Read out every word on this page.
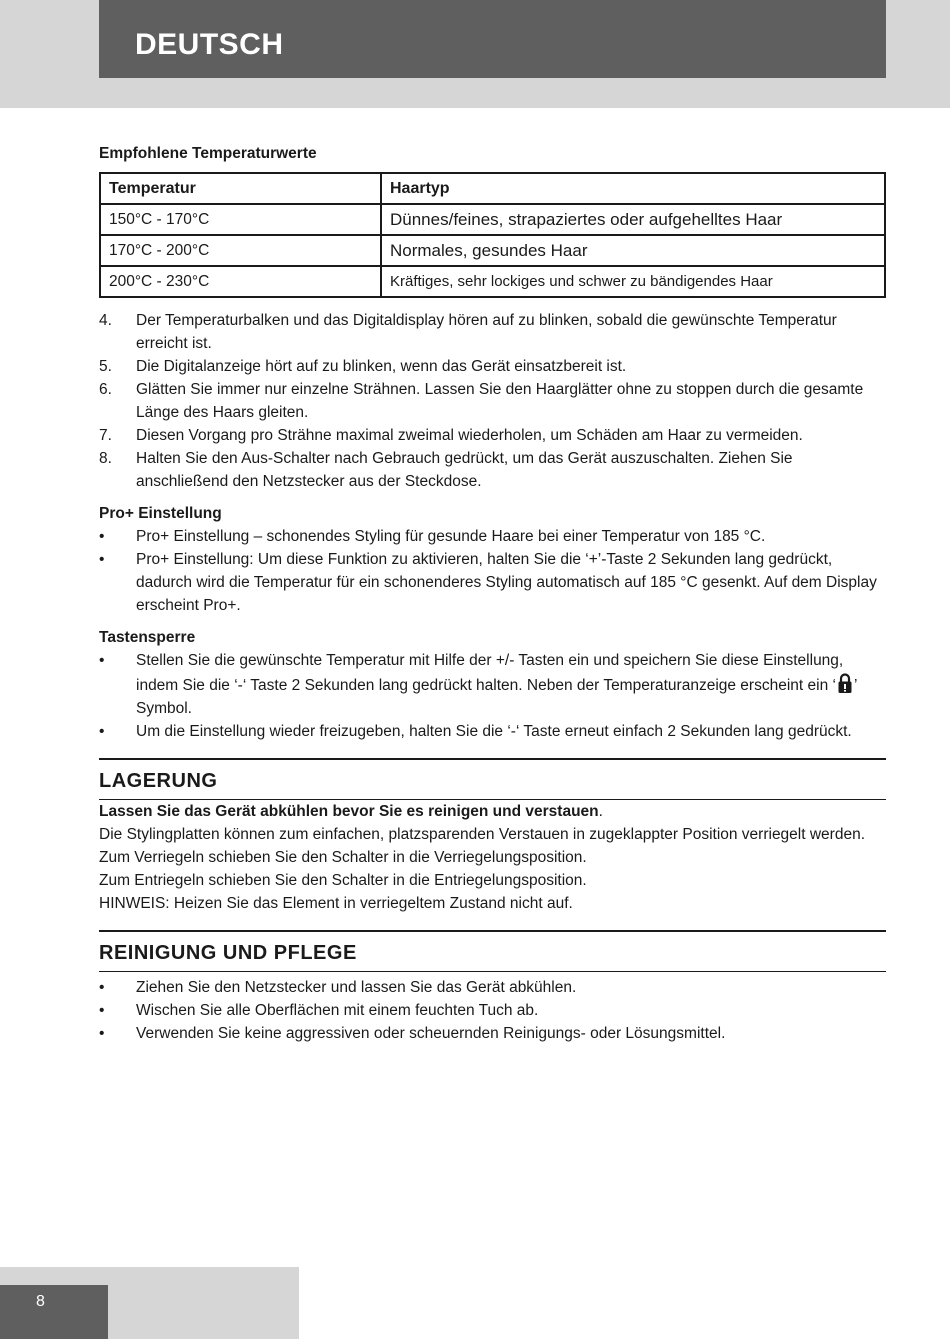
DEUTSCH

Empfohlene Temperaturwerte

Temperatur	Haartyp
150°C - 170°C	Dünnes/feines, strapaziertes oder aufgehelltes Haar
170°C - 200°C	Normales, gesundes Haar
200°C - 230°C	Kräftiges, sehr lockiges und schwer zu bändigendes Haar
4. Der Temperaturbalken und das Digitaldisplay hören auf zu blinken, sobald die gewünschte Temperatur erreicht ist.
5. Die Digitalanzeige hört auf zu blinken, wenn das Gerät einsatzbereit ist.
6. Glätten Sie immer nur einzelne Strähnen. Lassen Sie den Haarglätter ohne zu stoppen durch die gesamte Länge des Haars gleiten.
7. Diesen Vorgang pro Strähne maximal zweimal wiederholen, um Schäden am Haar zu vermeiden.
8. Halten Sie den Aus-Schalter nach Gebrauch gedrückt, um das Gerät auszuschalten. Ziehen Sie anschließend den Netzstecker aus der Steckdose.

Pro+ Einstellung

• Pro+ Einstellung – schonendes Styling für gesunde Haare bei einer Temperatur von 185 °C.
• Pro+ Einstellung: Um diese Funktion zu aktivieren, halten Sie die ‘+’-Taste 2 Sekunden lang gedrückt, dadurch wird die Temperatur für ein schonenderes Styling automatisch auf 185 °C gesenkt. Auf dem Display erscheint Pro+.

Tastensperre

• Stellen Sie die gewünschte Temperatur mit Hilfe der +/- Tasten ein und speichern Sie diese Einstellung, indem Sie die ‘-‘ Taste 2 Sekunden lang gedrückt halten. Neben der Temperaturanzeige erscheint ein ‘ ’ Symbol.
• Um die Einstellung wieder freizugeben, halten Sie die ‘-‘ Taste erneut einfach 2 Sekunden lang gedrückt.
LAGERUNG

Lassen Sie das Gerät abkühlen bevor Sie es reinigen und verstauen.

Die Stylingplatten können zum einfachen, platzsparenden Verstauen in zugeklappter Position verriegelt werden.

Zum Verriegeln schieben Sie den Schalter in die Verriegelungsposition.

Zum Entriegeln schieben Sie den Schalter in die Entriegelungsposition.

HINWEIS: Heizen Sie das Element in verriegeltem Zustand nicht auf.

REINIGUNG UND PFLEGE
• Ziehen Sie den Netzstecker und lassen Sie das Gerät abkühlen.
• Wischen Sie alle Oberflächen mit einem feuchten Tuch ab.
• Verwenden Sie keine aggressiven oder scheuernden Reinigungs- oder Lösungsmittel.
8
